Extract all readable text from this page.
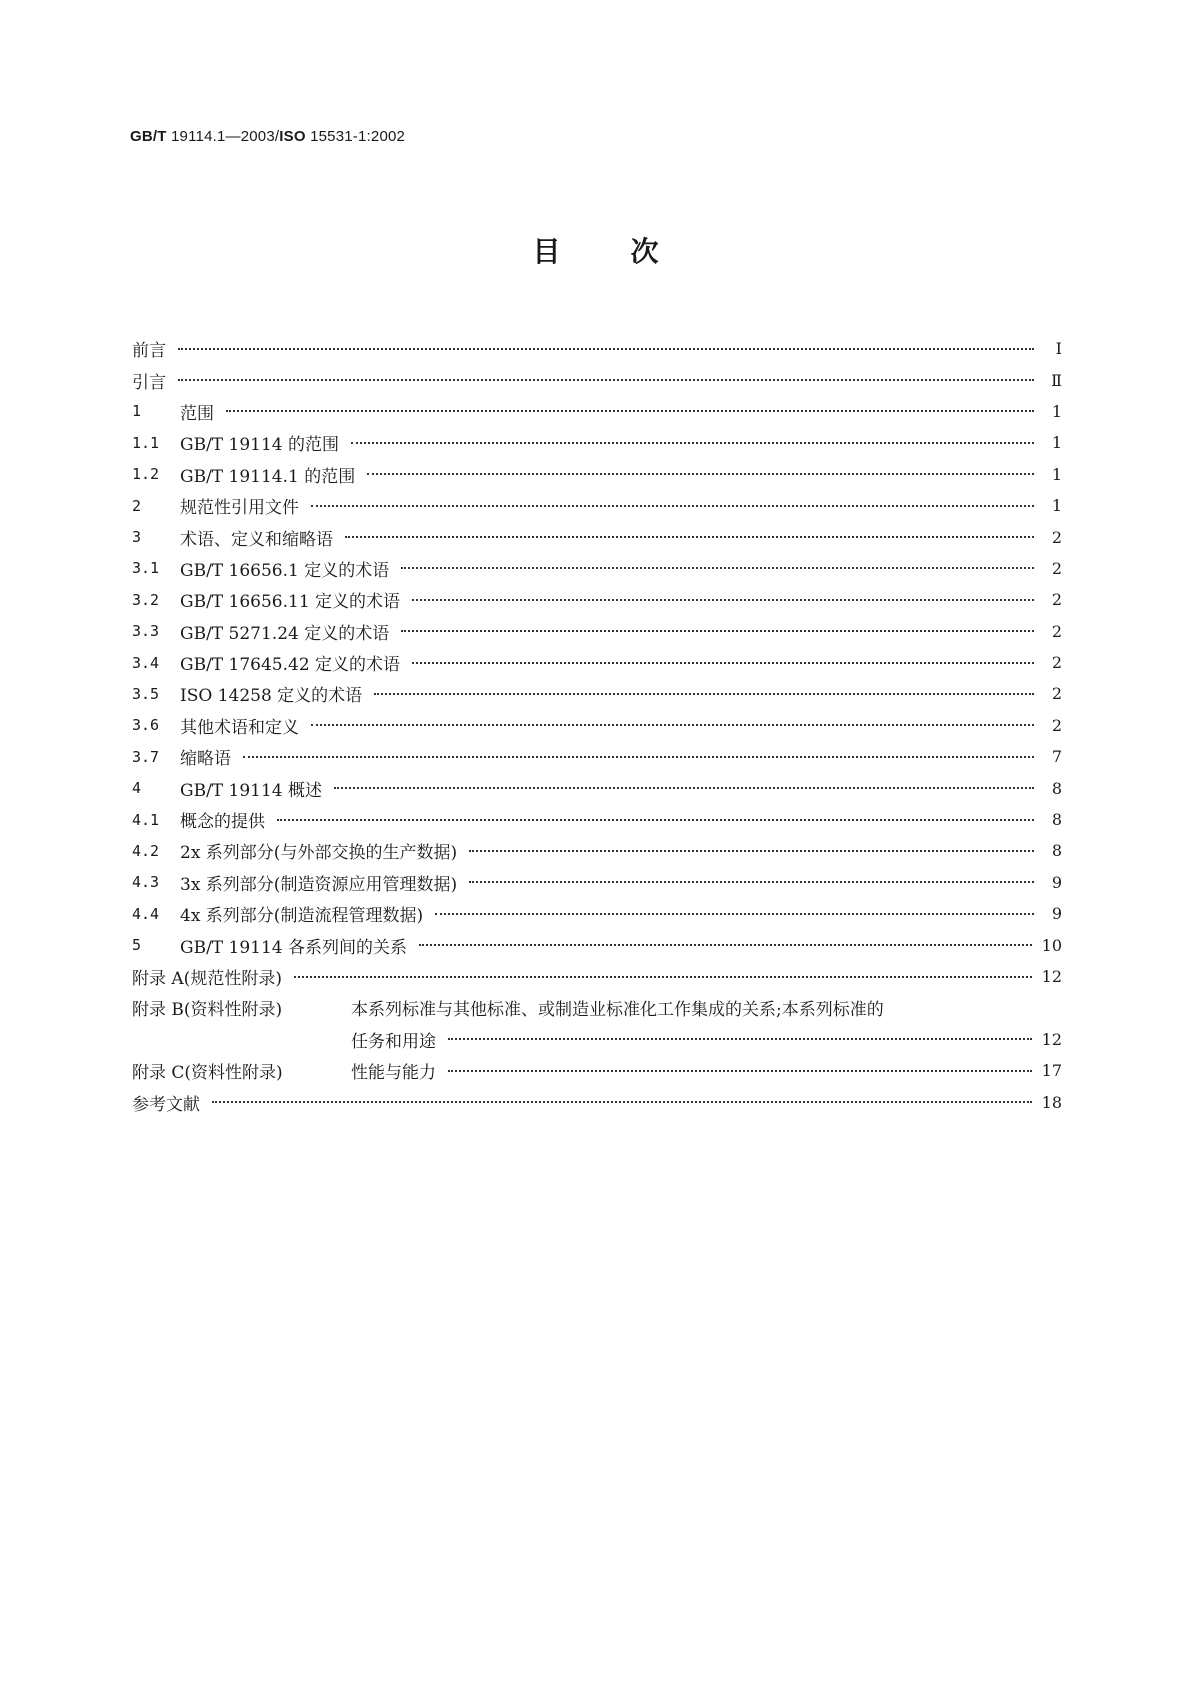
GB/T 19114.1—2003/ISO 15531-1:2002
目	次
前言	Ⅰ
引言	Ⅱ
1	范围	1
1.1	GB/T 19114 的范围	1
1.2	GB/T 19114.1 的范围	1
2	规范性引用文件	1
3	术语、定义和缩略语	2
3.1	GB/T 16656.1 定义的术语	2
3.2	GB/T 16656.11 定义的术语	2
3.3	GB/T 5271.24 定义的术语	2
3.4	GB/T 17645.42 定义的术语	2
3.5	ISO 14258 定义的术语	2
3.6	其他术语和定义	2
3.7	缩略语	7
4	GB/T 19114 概述	8
4.1	概念的提供	8
4.2	2x 系列部分(与外部交换的生产数据)	8
4.3	3x 系列部分(制造资源应用管理数据)	9
4.4	4x 系列部分(制造流程管理数据)	9
5	GB/T 19114 各系列间的关系	10
附录 A(规范性附录)	12
附录 B(资料性附录)	本系列标准与其他标准、或制造业标准化工作集成的关系;本系列标准的
任务和用途	12
附录 C(资料性附录)	性能与能力	17
参考文献	18
